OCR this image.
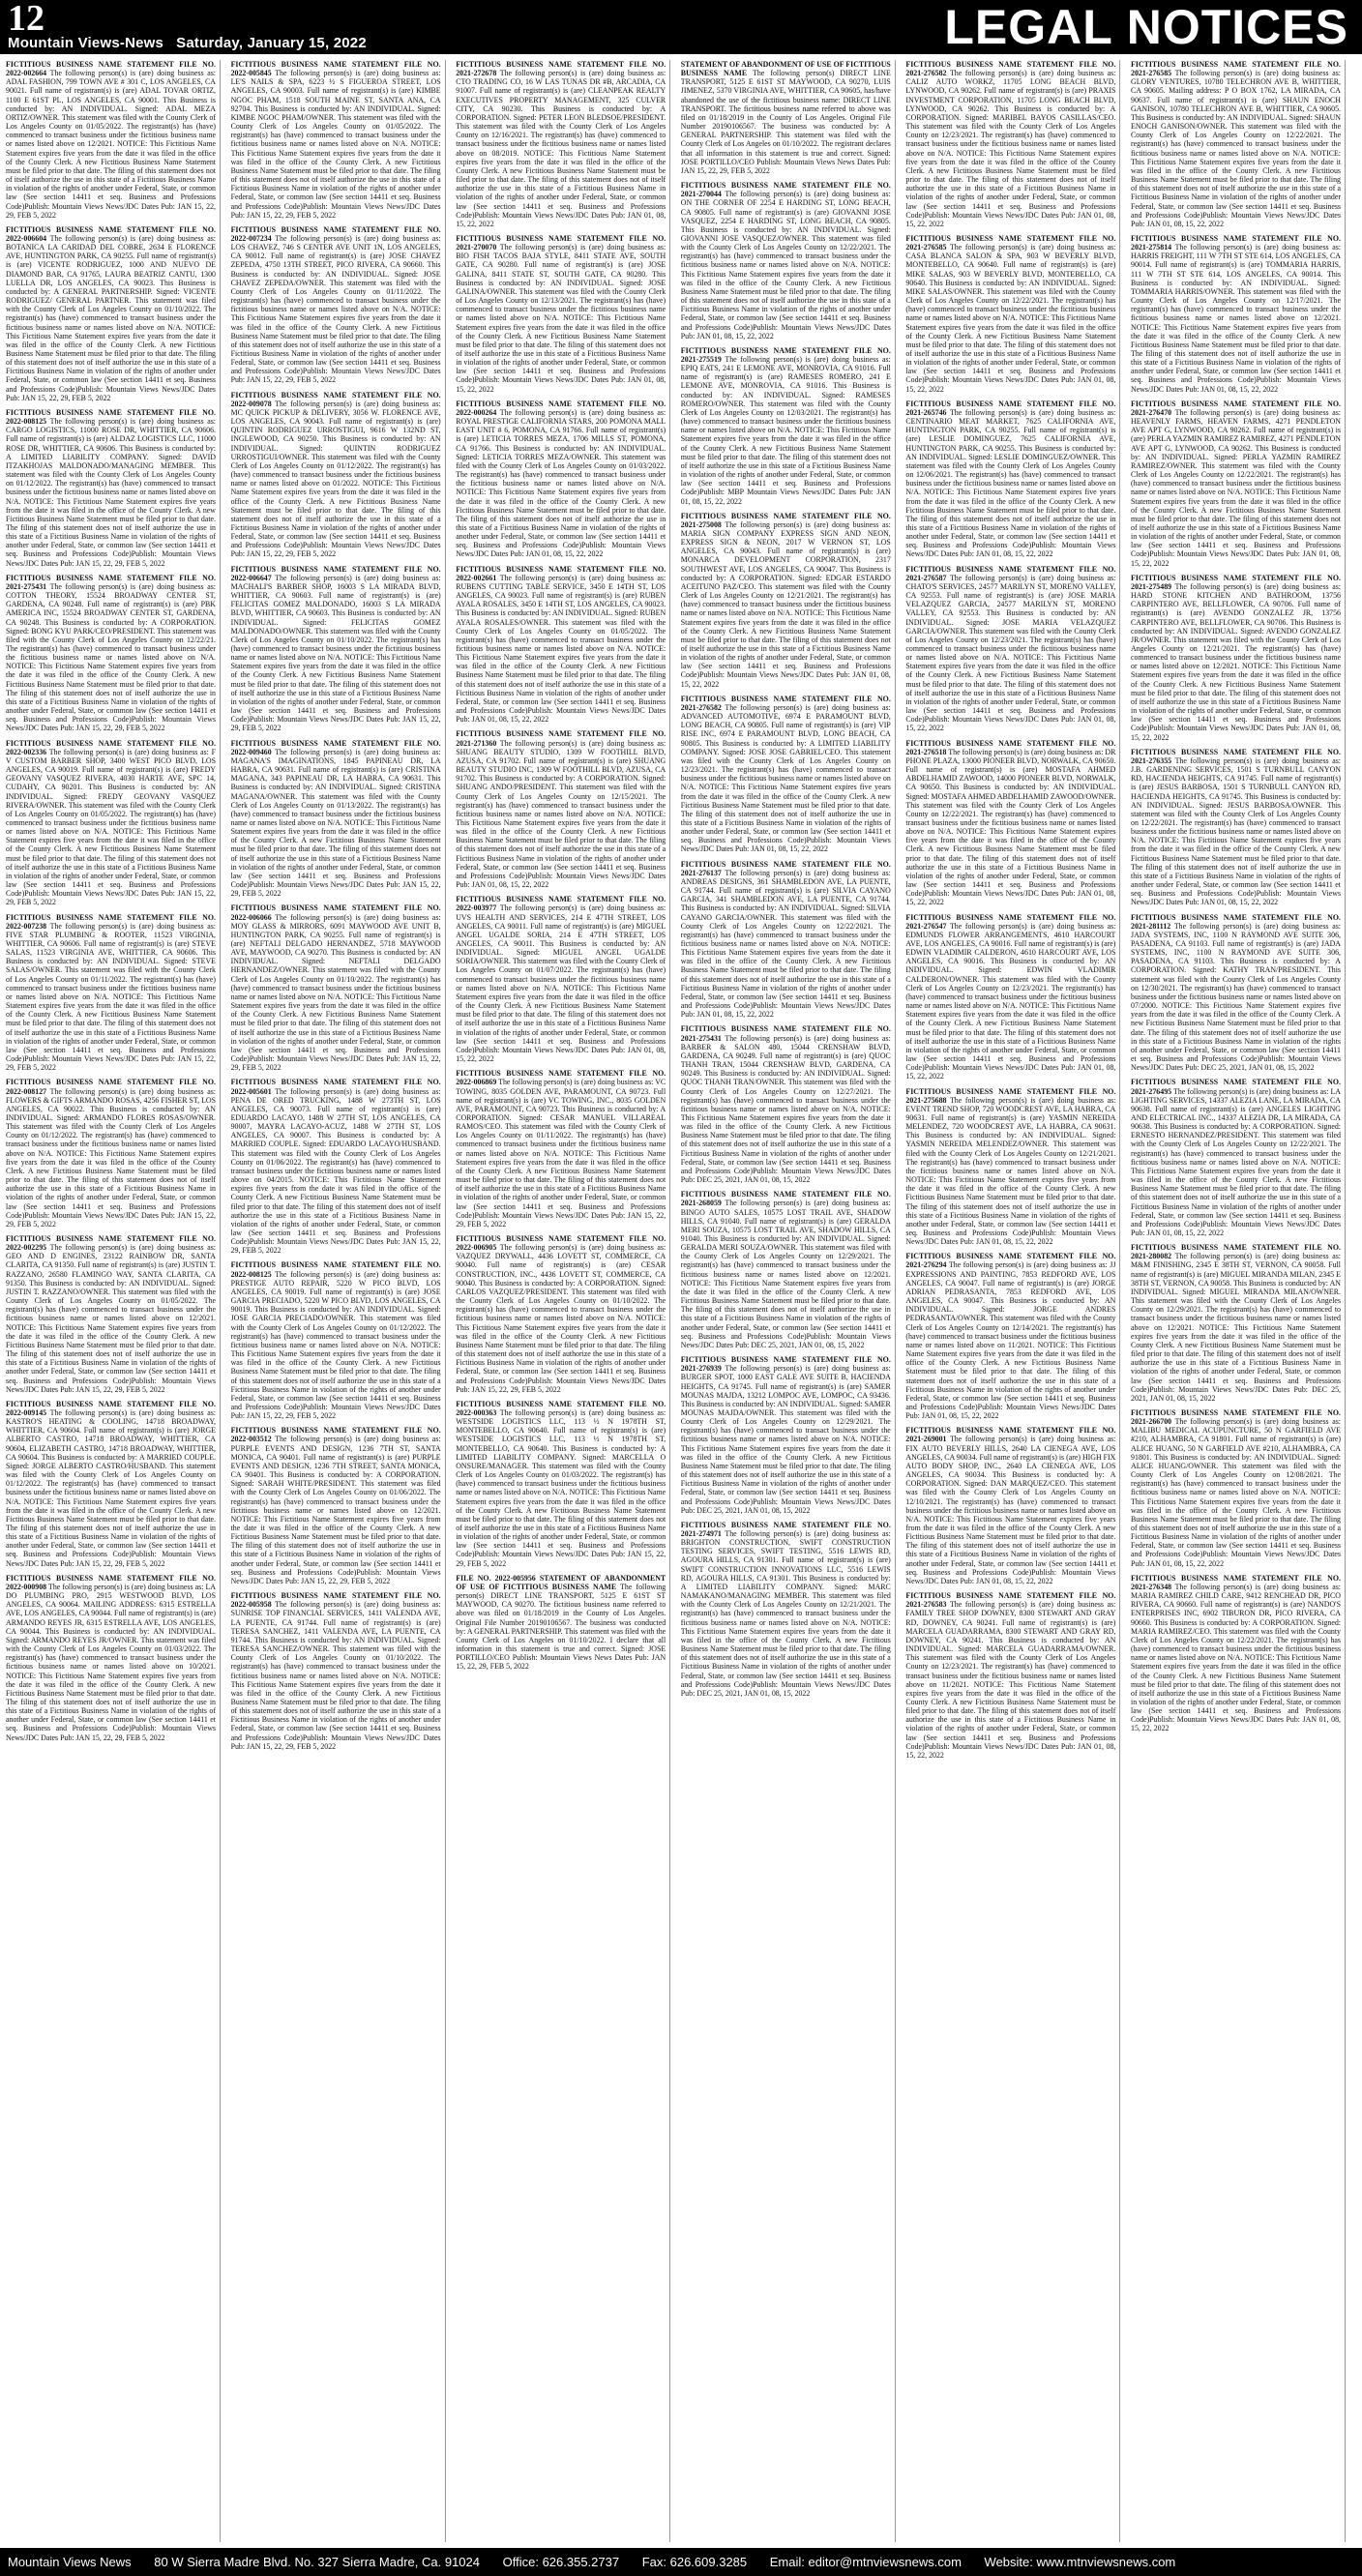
12
Mountain Views-News Saturday, January 15, 2022	LEGAL NOTICES

FICTITIOUS BUSINESS NAME STATEMENT FILE NO. 2022-002664 The following person(s) is (are) doing business as: ADAL FASHION, 799 TOWN AVE # 301 C, LOS ANGELES, CA 90021. Full name of registrant(s) is (are) ADAL TOVAR ORTIZ, 1100 E 61ST PL, LOS ANGELES, CA 90001. This Business is conducted by: AN INDIVIDUAL. Signed: ADAL MEZA ORTIZ/OWNER. This statement was filed with the County Clerk of Los Angeles County on 01/05/2022. The registrant(s) has (have) commenced to transact business under the fictitious business name or names listed above on 12/2021. NOTICE: This Fictitious Name Statement expires five years from the date it was filed in the office of the County Clerk. A new Fictitious Business Name Statement must be filed prior to that date. The filing of this statement does not of itself authorize the use in this state of a Fictitious Business Name in violation of the rights of another under Federal, State, or common law (See section 14411 et seq. Business and Professions Code)Publish: Mountain Views News/JDC Dates Pub: JAN 15, 22, 29, FEB 5, 2022

FICTITIOUS BUSINESS NAME STATEMENT FILE NO. 2022-006604 The following person(s) is (are) doing business as: BOTANICA LA CARIDAD DEL COBRE, 2634 E FLORENCE AVE, HUNTINGTON PARK, CA 90255. Full name of registrant(s) is (are) VICENTE RODRIGUEZ, 1000 AND NUEVO DE DIAMOND BAR, CA 91765, LAURA BEATRIZ CANTU, 1300 LUELLA DR, LOS ANGELES, CA 90023. This Business is conducted by: A GENERAL PARTNERSHIP. Signed: VICENTE RODRIGUEZ/ GENERAL PARTNER. This statement was filed with the County Clerk of Los Angeles County on 01/10/2022. The registrant(s) has (have) commenced to transact business under the fictitious business name or names listed above on N/A. NOTICE: This Fictitious Name Statement expires five years from the date it was filed in the office of the County Clerk. A new Fictitious Business Name Statement must be filed prior to that date. The filing of this statement does not of itself authorize the use in this state of a Fictitious Business Name in violation of the rights of another under Federal, State, or common law (See section 14411 et seq. Business and Professions Code)Publish: Mountain Views News/JDC Dates Pub: JAN 15, 22, 29, FEB 5, 2022

FICTITIOUS BUSINESS NAME STATEMENT FILE NO. 2022-008125 The following person(s) is (are) doing business as: CARGO LOGISTICS, 11000 ROSE DR, WHITTIER, CA 90606. Full name of registrant(s) is (are) ALDAZ LOGISTICS LLC, 11000 ROSE DR, WHITTIER, CA 90606. This Business is conducted by: A LIMITED LIABILITY COMPANY. Signed: DAVID ITZAKHOJAS MALDONADO/MANAGING MEMBER. This statement was filed with the County Clerk of Los Angeles County on 01/12/2022. The registrant(s) has (have) commenced to transact business under the fictitious business name or names listed above on N/A. NOTICE: This Fictitious Name Statement expires five years from the date it was filed in the office of the County Clerk. A new Fictitious Business Name Statement must be filed prior to that date. The filing of this statement does not of itself authorize the use in this state of a Fictitious Business Name in violation of the rights of another under Federal, State, or common law (See section 14411 et seq. Business and Professions Code)Publish: Mountain Views News/JDC Dates Pub: JAN 15, 22, 29, FEB 5, 2022

FICTITIOUS BUSINESS NAME STATEMENT FILE NO. 2021-275431 The following person(s) is (are) doing business as: COTTON THEORY, 15524 BROADWAY CENTER ST, GARDENA, CA 90248. Full name of registrant(s) is (are) PBK AMERICA INC, 15524 BROADWAY CENTER ST, GARDENA, CA 90248. This Business is conducted by: A CORPORATION. Signed: BONG KYU PARK/CEO/PRESIDENT. This statement was filed with the County Clerk of Los Angeles County on 12/22/21. The registrant(s) has (have) commenced to transact business under the fictitious business name or names listed above on N/A. NOTICE: This Fictitious Name Statement expires five years from the date it was filed in the office of the County Clerk. A new Fictitious Business Name Statement must be filed prior to that date. The filing of this statement does not of itself authorize the use in this state of a Fictitious Business Name in violation of the rights of another under Federal, State, or common law (See section 14411 et seq. Business and Professions Code)Publish: Mountain Views News/JDC Dates Pub: JAN 15, 22, 29, FEB 5, 2022

FICTITIOUS BUSINESS NAME STATEMENT FILE NO. 2022-002336 The following person(s) is (are) doing business as: F V CUSTOM BARBER SHOP, 3400 WEST PICO BLVD, LOS ANGELES, CA 90019. Full name of registrant(s) is (are) FREDY GEOVANY VASQUEZ RIVERA, 4030 HARTE AVE, SPC 14, CUDAHY, CA 90201. This Business is conducted by: AN INDIVIDUAL. Signed: FREDY GEOVANY VASQUEZ RIVERA/OWNER. This statement was filed with the County Clerk of Los Angeles County on 01/05/2022. The registrant(s) has (have) commenced to transact business under the fictitious business name or names listed above on N/A. NOTICE: This Fictitious Name Statement expires five years from the date it was filed in the office of the County Clerk. A new Fictitious Business Name Statement must be filed prior to that date. The filing of this statement does not of itself authorize the use in this state of a Fictitious Business Name in violation of the rights of another under Federal, State, or common law (See section 14411 et seq. Business and Professions Code)Publish: Mountain Views News/JDC Dates Pub: JAN 15, 22, 29, FEB 5, 2022

FICTITIOUS BUSINESS NAME STATEMENT FILE NO. 2022-007238 The following person(s) is (are) doing business as: FIVE STAR PLUMBING & ROOTER, 11523 VIRGINIA, WHITTIER, CA 90606. Full name of registrant(s) is (are) STEVE SALAS, 11523 VIRGINIA AVE, WHITTIER, CA 90606. This Business is conducted by: AN INDIVIDUAL. Signed: STEVE SALAS/OWNER. This statement was filed with the County Clerk of Los Angeles County on 01/11/2022. The registrant(s) has (have) commenced to transact business under the fictitious business name or names listed above on N/A. NOTICE: This Fictitious Name Statement expires five years from the date it was filed in the office of the County Clerk. A new Fictitious Business Name Statement must be filed prior to that date. The filing of this statement does not of itself authorize the use in this state of a Fictitious Business Name in violation of the rights of another under Federal, State, or common law (See section 14411 et seq. Business and Professions Code)Publish: Mountain Views News/JDC Dates Pub: JAN 15, 22, 29, FEB 5, 2022

FICTITIOUS BUSINESS NAME STATEMENT FILE NO. 2022-008127 The following person(s) is (are) doing business as: FLOWERS & GIFTS ARMANDO ROSAS, 4256 FISHER ST, LOS ANGELES, CA 90022. This Business is conducted by: AN INDIVIDUAL. Signed: ARMANDO FLORES ROSAS/OWNER. This statement was filed with the County Clerk of Los Angeles County on 01/12/2022. The registrant(s) has (have) commenced to transact business under the fictitious business name or names listed above on N/A. NOTICE: This Fictitious Name Statement expires five years from the date it was filed in the office of the County Clerk. A new Fictitious Business Name Statement must be filed prior to that date. The filing of this statement does not of itself authorize the use in this state of a Fictitious Business Name in violation of the rights of another under Federal, State, or common law (See section 14411 et seq. Business and Professions Code)Publish: Mountain Views News/JDC Dates Pub: JAN 15, 22, 29, FEB 5, 2022

FICTITIOUS BUSINESS NAME STATEMENT FILE NO. 2022-002295 The following person(s) is (are) doing business as: GEO AND D ENGINES, 23122 RAINBOW DR, SANTA CLARITA, CA 91350. Full name of registrant(s) is (are) JUSTIN T. RAZZANO, 26580 FLAMINGO WAY, SANTA CLARITA, CA 91350. This Business is conducted by: AN INDIVIDUAL. Signed: JUSTIN T. RAZZANO/OWNER. This statement was filed with the County Clerk of Los Angeles County on 01/05/2022. The registrant(s) has (have) commenced to transact business under the fictitious business name or names listed above on 12/2021. NOTICE: This Fictitious Name Statement expires five years from the date it was filed in the office of the County Clerk. A new Fictitious Business Name Statement must be filed prior to that date. The filing of this statement does not of itself authorize the use in this state of a Fictitious Business Name in violation of the rights of another under Federal, State, or common law (See section 14411 et seq. Business and Professions Code)Publish: Mountain Views News/JDC Dates Pub: JAN 15, 22, 29, FEB 5, 2022

FICTITIOUS BUSINESS NAME STATEMENT FILE NO. 2022-009145 The following person(s) is (are) doing business as: KASTRO'S HEATING & COOLING, 14718 BROADWAY, WHITTIER, CA 90604. Full name of registrant(s) is (are) JORGE ALBERTO CASTRO, 14718 BROADWAY, WHITTIER, CA 90604, ELIZABETH CASTRO, 14718 BROADWAY, WHITTIER, CA 90604. This Business is conducted by: A MARRIED COUPLE. Signed: JORGE ALBERTO CASTRO/HUSBAND. This statement was filed with the County Clerk of Los Angeles County on 01/12/2022. The registrant(s) has (have) commenced to transact business under the fictitious business name or names listed above on N/A. NOTICE: This Fictitious Name Statement expires five years from the date it was filed in the office of the County Clerk. A new Fictitious Business Name Statement must be filed prior to that date. The filing of this statement does not of itself authorize the use in this state of a Fictitious Business Name in violation of the rights of another under Federal, State, or common law (See section 14411 et seq. Business and Professions Code)Publish: Mountain Views News/JDC Dates Pub: JAN 15, 22, 29, FEB 5, 2022

FICTITIOUS BUSINESS NAME STATEMENT FILE NO. 2022-000908 The following person(s) is (are) doing business as: LA DO PLUMBING PRO, 2915 WESTWOOD BLVD, LOS ANGELES, CA 90064. MAILING ADDRESS: 6315 ESTRELLA AVE, LOS ANGELES, CA 90044. Full name of registrant(s) is (are) ARMANDO REYES JR, 6315 ESTRELLA AVE, LOS ANGELES, CA 90044. This Business is conducted by: AN INDIVIDUAL. Signed: ARMANDO REYES JR/OWNER. This statement was filed with the County Clerk of Los Angeles County on 01/03/2022. The registrant(s) has (have) commenced to transact business under the fictitious business name or names listed above on 10/2021. NOTICE: This Fictitious Name Statement expires five years from the date it was filed in the office of the County Clerk. A new Fictitious Business Name Statement must be filed prior to that date. The filing of this statement does not of itself authorize the use in this state of a Fictitious Business Name in violation of the rights of another under Federal, State, or common law (See section 14411 et seq. Business and Professions Code)Publish: Mountain Views News/JDC Dates Pub: JAN 15, 22, 29, FEB 5, 2022

FICTITIOUS BUSINESS NAME STATEMENT FILE NO. 2022-005845 The following person(s) is (are) doing business as: LE'S NAILS & SPA, 6223 ½ S FIGUEROA STREET, LOS ANGELES, CA 90003. Full name of registrant(s) is (are) KIMBE NGOC PHAM, 1518 SOUTH MAINE ST, SANTA ANA, CA 92704. This Business is conducted by: AN INDIVIDUAL. Signed: KIMBE NGOC PHAM/OWNER. This statement was filed with the County Clerk of Los Angeles County on 01/05/2022. The registrant(s) has (have) commenced to transact business under the fictitious business name or names listed above on N/A. NOTICE: This Fictitious Name Statement expires five years from the date it was filed in the office of the County Clerk. A new Fictitious Business Name Statement must be filed prior to that date. The filing of this statement does not of itself authorize the use in this state of a Fictitious Business Name in violation of the rights of another under Federal, State, or common law (See section 14411 et seq. Business and Professions Code)Publish: Mountain Views News/JDC Dates Pub: JAN 15, 22, 29, FEB 5, 2022

FICTITIOUS BUSINESS NAME STATEMENT FILE NO. 2022-007234 The following person(s) is (are) doing business as: LOS CHAVEZ, 746 S CENTER AVE UNIT 1N, LOS ANGELES, CA 90012. Full name of registrant(s) is (are) JOSE CHAVEZ ZEPEDA, 4750 13TH STREET, PICO RIVERA, CA 90660. This Business is conducted by: AN INDIVIDUAL. Signed: JOSE CHAVEZ ZEPEDA/OWNER. This statement was filed with the County Clerk of Los Angeles County on 01/11/2022. The registrant(s) has (have) commenced to transact business under the fictitious business name or names listed above on N/A. NOTICE: This Fictitious Name Statement expires five years from the date it was filed in the office of the County Clerk. A new Fictitious Business Name Statement must be filed prior to that date. The filing of this statement does not of itself authorize the use in this state of a Fictitious Business Name in violation of the rights of another under Federal, State, or common law (See section 14411 et seq. Business and Professions Code)Publish: Mountain Views News/JDC Dates Pub: JAN 15, 22, 29, FEB 5, 2022

FICTITIOUS BUSINESS NAME STATEMENT FILE NO. 2022-009078 The following person(s) is (are) doing business as: MC QUICK PICKUP & DELIVERY, 3056 W. FLORENCE AVE, LOS ANGELES, CA 90043. Full name of registrant(s) is (are) QUINTIN RODRIGUEZ URROSTIGUI, 9616 W 132ND ST, INGLEWOOD, CA 90250. This Business is conducted by: AN INDIVIDUAL. Signed: QUINTIN RODRIGUEZ URROSTIGUI/OWNER. This statement was filed with the County Clerk of Los Angeles County on 01/12/2022. The registrant(s) has (have) commenced to transact business under the fictitious business name or names listed above on 01/2022. NOTICE: This Fictitious Name Statement expires five years from the date it was filed in the office of the County Clerk. A new Fictitious Business Name Statement must be filed prior to that date. The filing of this statement does not of itself authorize the use in this state of a Fictitious Business Name in violation of the rights of another under Federal, State, or common law (See section 14411 et seq. Business and Professions Code)Publish: Mountain Views News/JDC Dates Pub: JAN 15, 22, 29, FEB 5, 2022

FICTITIOUS BUSINESS NAME STATEMENT FILE NO. 2022-006647 The following person(s) is (are) doing business as: MACHALI'S BARBER SHOP, 16003 S LA MIRADA BLVD, WHITTIER, CA 90603. Full name of registrant(s) is (are) FELICITAS GOMEZ MALDONADO, 16003 S LA MIRADA BLVD, WHITTIER, CA 90603. This Business is conducted by: AN INDIVIDUAL. Signed: FELICITAS GOMEZ MALDONADO/OWNER. This statement was filed with the County Clerk of Los Angeles County on 01/10/2022. The registrant(s) has (have) commenced to transact business under the fictitious business name or names listed above on N/A. NOTICE: This Fictitious Name Statement expires five years from the date it was filed in the office of the County Clerk. A new Fictitious Business Name Statement must be filed prior to that date. The filing of this statement does not of itself authorize the use in this state of a Fictitious Business Name in violation of the rights of another under Federal, State, or common law (See section 14411 et seq. Business and Professions Code)Publish: Mountain Views News/JDC Dates Pub: JAN 15, 22, 29, FEB 5, 2022

FICTITIOUS BUSINESS NAME STATEMENT FILE NO. 2022-009460 The following person(s) is (are) doing business as: MAGANA'S IMAGINATIONS, 1845 PAPINEAU DR, LA HABRA, CA 90631. Full name of registrant(s) is (are) CRISTINA MAGANA, 343 PAPINEAU DR, LA HABRA, CA 90631. This Business is conducted by: AN INDIVIDUAL. Signed: CRISTINA MAGANA/OWNER. This statement was filed with the County Clerk of Los Angeles County on 01/13/2022. The registrant(s) has (have) commenced to transact business under the fictitious business name or names listed above on N/A. NOTICE: This Fictitious Name Statement expires five years from the date it was filed in the office of the County Clerk. A new Fictitious Business Name Statement must be filed prior to that date. The filing of this statement does not of itself authorize the use in this state of a Fictitious Business Name in violation of the rights of another under Federal, State, or common law (See section 14411 et seq. Business and Professions Code)Publish: Mountain Views News/JDC Dates Pub: JAN 15, 22, 29, FEB 5, 2022

FICTITIOUS BUSINESS NAME STATEMENT FILE NO. 2022-006066 The following person(s) is (are) doing business as: MOY GLASS & MIRRORS, 6091 MAYWOOD AVE UNIT B, HUNTINGTON PARK, CA 90255. Full name of registrant(s) is (are) NEFTALI DELGADO HERNANDEZ, 5718 MAYWOOD AVE, MAYWOOD, CA 90270. This Business is conducted by: AN INDIVIDUAL. Signed: NEFTALI DELGADO HERNANDEZ/OWNER. This statement was filed with the County Clerk of Los Angeles County on 01/10/2022. The registrant(s) has (have) commenced to transact business under the fictitious business name or names listed above on N/A. NOTICE: This Fictitious Name Statement expires five years from the date it was filed in the office of the County Clerk. A new Fictitious Business Name Statement must be filed prior to that date. The filing of this statement does not of itself authorize the use in this state of a Fictitious Business Name in violation of the rights of another under Federal, State, or common law (See section 14411 et seq. Business and Professions Code)Publish: Mountain Views News/JDC Dates Pub: JAN 15, 22, 29, FEB 5, 2022

FICTITIOUS BUSINESS NAME STATEMENT FILE NO. 2022-005601 The following person(s) is (are) doing business as: PENA DE ORED TRUCKING, 1488 W 273TH ST, LOS ANGELES, CA 90073. Full name of registrant(s) is (are) EDUARDO LACAYO, 1488 W 27TH ST, LOS ANGELES, CA 90007, MAYRA LACAYO-ACUZ, 1488 W 27TH ST, LOS ANGELES, CA 90007. This Business is conducted by: A MARRIED COUPLE. Signed: EDUARDO LACAYO/HUSBAND. This statement was filed with the County Clerk of Los Angeles County on 01/06/2022. The registrant(s) has (have) commenced to transact business under the fictitious business name or names listed above on 04/2015. NOTICE: This Fictitious Name Statement expires five years from the date it was filed in the office of the County Clerk. A new Fictitious Business Name Statement must be filed prior to that date. The filing of this statement does not of itself authorize the use in this state of a Fictitious Business Name in violation of the rights of another under Federal, State, or common law (See section 14411 et seq. Business and Professions Code)Publish: Mountain Views News/JDC Dates Pub: JAN 15, 22, 29, FEB 5, 2022

FICTITIOUS BUSINESS NAME STATEMENT FILE NO. 2022-008125 The following person(s) is (are) doing business as: PRESTIGE AUTO REPAIR, 5220 W PICO BLVD, LOS ANGELES, CA 90019. Full name of registrant(s) is (are) JOSE GARCIA PRECIADO, 5220 W PICO BLVD, LOS ANGELES, CA 90019. This Business is conducted by: AN INDIVIDUAL. Signed: JOSE GARCIA PRECIADO/OWNER. This statement was filed with the County Clerk of Los Angeles County on 01/12/2022. The registrant(s) has (have) commenced to transact business under the fictitious business name or names listed above on N/A. NOTICE: This Fictitious Name Statement expires five years from the date it was filed in the office of the County Clerk. A new Fictitious Business Name Statement must be filed prior to that date. The filing of this statement does not of itself authorize the use in this state of a Fictitious Business Name in violation of the rights of another under Federal, State, or common law (See section 14411 et seq. Business and Professions Code)Publish: Mountain Views News/JDC Dates Pub: JAN 15, 22, 29, FEB 5, 2022

FICTITIOUS BUSINESS NAME STATEMENT FILE NO. 2022-003512 The following person(s) is (are) doing business as: PURPLE EVENTS AND DESIGN, 1236 7TH ST, SANTA MONICA, CA 90401. Full name of registrant(s) is (are) PURPLE EVENTS AND DESIGN, 1236 7TH STREET, SANTA MONICA, CA 90401. This Business is conducted by: A CORPORATION. Signed: SARAH WHITE/PRESIDENT. This statement was filed with the County Clerk of Los Angeles County on 01/06/2022. The registrant(s) has (have) commenced to transact business under the fictitious business name or names listed above on 12/2021. NOTICE: This Fictitious Name Statement expires five years from the date it was filed in the office of the County Clerk. A new Fictitious Business Name Statement must be filed prior to that date. The filing of this statement does not of itself authorize the use in this state of a Fictitious Business Name in violation of the rights of another under Federal, State, or common law (See section 14411 et seq. Business and Professions Code)Publish: Mountain Views News/JDC Dates Pub: JAN 15, 22, 29, FEB 5, 2022

FICTITIOUS BUSINESS NAME STATEMENT FILE NO. 2022-005958 The following person(s) is (are) doing business as: SUNRISE TOP FINANCIAL SERVICES, 1411 VALENDA AVE, LA PUENTE, CA 91744. Full name of registrant(s) is (are) TERESA SANCHEZ, 1411 VALENDA AVE, LA PUENTE, CA 91744. This Business is conducted by: AN INDIVIDUAL. Signed: TERESA SANCHEZ/OWNER. This statement was filed with the County Clerk of Los Angeles County on 01/10/2022. The registrant(s) has (have) commenced to transact business under the fictitious business name or names listed above on N/A. NOTICE: This Fictitious Name Statement expires five years from the date it was filed in the office of the County Clerk. A new Fictitious Business Name Statement must be filed prior to that date. The filing of this statement does not of itself authorize the use in this state of a Fictitious Business Name in violation of the rights of another under Federal, State, or common law (See section 14411 et seq. Business and Professions Code)Publish: Mountain Views News/JDC Dates Pub: JAN 15, 22, 29, FEB 5, 2022

FICTITIOUS BUSINESS NAME STATEMENT FILE NO. 2021-272678 The following person(s) is (are) doing business as: CTO TRADING CO, 16 W LAS TUNAS DR #B, ARCADIA, CA 91007. Full name of registrant(s) is (are) CLEANPEAK REALTY EXECUTIVES PROPERTY MANAGEMENT, 325 CULVER CITY, CA 90230. This Business is conducted by: A CORPORATION. Signed: PETER LEON BLEDSOE/PRESIDENT. This statement was filed with the County Clerk of Los Angeles County on 12/16/2021. The registrant(s) has (have) commenced to transact business under the fictitious business name or names listed above on 08/2019. NOTICE: This Fictitious Name Statement expires five years from the date it was filed in the office of the County Clerk. A new Fictitious Business Name Statement must be filed prior to that date. The filing of this statement does not of itself authorize the use in this state of a Fictitious Business Name in violation of the rights of another under Federal, State, or common law (See section 14411 et seq. Business and Professions Code)Publish: Mountain Views News/JDC Dates Pub: JAN 01, 08, 15, 22, 2022

FICTITIOUS BUSINESS NAME STATEMENT FILE NO. 2021-270070 The following person(s) is (are) doing business as: BIO FISH TACOS BAJA STYLE, 8411 STATE AVE, SOUTH GATE, CA 90280. Full name of registrant(s) is (are) JOSE GALINA, 8411 STATE ST, SOUTH GATE, CA 90280. This Business is conducted by: AN INDIVIDUAL. Signed: JOSE GALINA/OWNER. This statement was filed with the County Clerk of Los Angeles County on 12/13/2021. The registrant(s) has (have) commenced to transact business under the fictitious business name or names listed above on N/A. NOTICE: This Fictitious Name Statement expires five years from the date it was filed in the office of the County Clerk. A new Fictitious Business Name Statement must be filed prior to that date. The filing of this statement does not of itself authorize the use in this state of a Fictitious Business Name in violation of the rights of another under Federal, State, or common law (See section 14411 et seq. Business and Professions Code)Publish: Mountain Views News/JDC Dates Pub: JAN 01, 08, 15, 22, 2022

FICTITIOUS BUSINESS NAME STATEMENT FILE NO. 2022-000264 The following person(s) is (are) doing business as: ROYAL PRESTIGE CALIFORNIA STARS, 200 POMONA MALL EAST UNIT # 6, POMONA, CA 91766. Full name of registrant(s) is (are) LETICIA TORRES MEZA, 1706 MILLS ST, POMONA, CA 91766. This Business is conducted by: AN INDIVIDUAL. Signed: LETICIA TORRES MEZA/OWNER. This statement was filed with the County Clerk of Los Angeles County on 01/03/2022. The registrant(s) has (have) commenced to transact business under the fictitious business name or names listed above on N/A. NOTICE: This Fictitious Name Statement expires five years from the date it was filed in the office of the County Clerk. A new Fictitious Business Name Statement must be filed prior to that date. The filing of this statement does not of itself authorize the use in this state of a Fictitious Business Name in violation of the rights of another under Federal, State, or common law (See section 14411 et seq. Business and Professions Code)Publish: Mountain Views News/JDC Dates Pub: JAN 01, 08, 15, 22, 2022

FICTITIOUS BUSINESS NAME STATEMENT FILE NO. 2022-002661 The following person(s) is (are) doing business as: RUBENS CUTTING TABLE SERVICE, 3450 E 14TH ST, LOS ANGELES, CA 90023. Full name of registrant(s) is (are) RUBEN AYALA ROSALES, 3450 E 14TH ST, LOS ANGELES, CA 90023. This Business is conducted by: AN INDIVIDUAL. Signed: RUBEN AYALA ROSALES/OWNER. This statement was filed with the County Clerk of Los Angeles County on 01/05/2022. The registrant(s) has (have) commenced to transact business under the fictitious business name or names listed above on N/A. NOTICE: This Fictitious Name Statement expires five years from the date it was filed in the office of the County Clerk. A new Fictitious Business Name Statement must be filed prior to that date. The filing of this statement does not of itself authorize the use in this state of a Fictitious Business Name in violation of the rights of another under Federal, State, or common law (See section 14411 et seq. Business and Professions Code)Publish: Mountain Views News/JDC Dates Pub: JAN 01, 08, 15, 22, 2022

FICTITIOUS BUSINESS NAME STATEMENT FILE NO. 2021-271360 The following person(s) is (are) doing business as: SHUANG BEAUTY STUDIO, 1309 W FOOTHILL BLVD, AZUSA, CA 91702. Full name of registrant(s) is (are) SHUANG BEAUTY STUDIO INC, 1309 W FOOTHILL BLVD, AZUSA, CA 91702. This Business is conducted by: A CORPORATION. Signed: SHUANG ANDO/PRESIDENT. This statement was filed with the County Clerk of Los Angeles County on 12/15/2021. The registrant(s) has (have) commenced to transact business under the fictitious business name or names listed above on N/A. NOTICE: This Fictitious Name Statement expires five years from the date it was filed in the office of the County Clerk. A new Fictitious Business Name Statement must be filed prior to that date. The filing of this statement does not of itself authorize the use in this state of a Fictitious Business Name in violation of the rights of another under Federal, State, or common law (See section 14411 et seq. Business and Professions Code)Publish: Mountain Views News/JDC Dates Pub: JAN 01, 08, 15, 22, 2022

FICTITIOUS BUSINESS NAME STATEMENT FILE NO. 2022-003977 The following person(s) is (are) doing business as: UVS HEALTH AND SERVICES, 214 E 47TH STREET, LOS ANGELES, CA 90011. Full name of registrant(s) is (are) MIGUEL ANGEL UGALDE SORIA, 214 E 47TH STREET, LOS ANGELES, CA 90011. This Business is conducted by: AN INDIVIDUAL. Signed: MIGUEL ANGEL UGALDE SORIA/OWNER. This statement was filed with the County Clerk of Los Angeles County on 01/07/2022. The registrant(s) has (have) commenced to transact business under the fictitious business name or names listed above on N/A. NOTICE: This Fictitious Name Statement expires five years from the date it was filed in the office of the County Clerk. A new Fictitious Business Name Statement must be filed prior to that date. The filing of this statement does not of itself authorize the use in this state of a Fictitious Business Name in violation of the rights of another under Federal, State, or common law (See section 14411 et seq. Business and Professions Code)Publish: Mountain Views News/JDC Dates Pub: JAN 01, 08, 15, 22, 2022

FICTITIOUS BUSINESS NAME STATEMENT FILE NO. 2022-006869 The following person(s) is (are) doing business as: VC TOWING, 8035 GOLDEN AVE, PARAMOUNT, CA 90723. Full name of registrant(s) is (are) VC TOWING, INC., 8035 GOLDEN AVE, PARAMOUNT, CA 90723. This Business is conducted by: A CORPORATION. Signed: CESAR MANUEL VILLAREAL RAMOS/CEO. This statement was filed with the County Clerk of Los Angeles County on 01/11/2022. The registrant(s) has (have) commenced to transact business under the fictitious business name or names listed above on N/A. NOTICE: This Fictitious Name Statement expires five years from the date it was filed in the office of the County Clerk. A new Fictitious Business Name Statement must be filed prior to that date. The filing of this statement does not of itself authorize the use in this state of a Fictitious Business Name in violation of the rights of another under Federal, State, or common law (See section 14411 et seq. Business and Professions Code)Publish: Mountain Views News/JDC Dates Pub: JAN 15, 22, 29, FEB 5, 2022

FICTITIOUS BUSINESS NAME STATEMENT FILE NO. 2022-006905 The following person(s) is (are) doing business as: VAZQUEZ DRYWALL, 4436 LOVETT ST, COMMERCE, CA 90040. Full name of registrant(s) is (are) CESAR CONSTRUCTION, INC., 4436 LOVETT ST, COMMERCE, CA 90040. This Business is conducted by: A CORPORATION. Signed: CARLOS VAZQUEZ/PRESIDENT. This statement was filed with the County Clerk of Los Angeles County on 01/10/2022. The registrant(s) has (have) commenced to transact business under the fictitious business name or names listed above on N/A. NOTICE: This Fictitious Name Statement expires five years from the date it was filed in the office of the County Clerk. A new Fictitious Business Name Statement must be filed prior to that date. The filing of this statement does not of itself authorize the use in this state of a Fictitious Business Name in violation of the rights of another under Federal, State, or common law (See section 14411 et seq. Business and Professions Code)Publish: Mountain Views News/JDC Dates Pub: JAN 15, 22, 29, FEB 5, 2022

FICTITIOUS BUSINESS NAME STATEMENT FILE NO. 2022-000363 The following person(s) is (are) doing business as: WESTSIDE LOGISTICS LLC, 113 ½ N 1978TH ST, MONTEBELLO, CA 90640. Full name of registrant(s) is (are) WESTSIDE LOGISTICS LLC, 113 ½ N 1978TH ST, MONTEBELLO, CA 90640. This Business is conducted by: A LIMITED LIABILITY COMPANY. Signed: MARCELLA O ONSURE/MANAGER. This statement was filed with the County Clerk of Los Angeles County on 01/03/2022. The registrant(s) has (have) commenced to transact business under the fictitious business name or names listed above on N/A. NOTICE: This Fictitious Name Statement expires five years from the date it was filed in the office of the County Clerk. A new Fictitious Business Name Statement must be filed prior to that date. The filing of this statement does not of itself authorize the use in this state of a Fictitious Business Name in violation of the rights of another under Federal, State, or common law (See section 14411 et seq. Business and Professions Code)Publish: Mountain Views News/JDC Dates Pub: JAN 15, 22, 29, FEB 5, 2022

FILE NO. 2022-005956 STATEMENT OF ABANDONMENT OF USE OF FICTITIOUS BUSINESS NAME The following person(s) DIRECT LINE TRANSPORT, 5125 E 61ST ST MAYWOOD, CA 90270. The fictitious business name referred to above was filed on 01/18/2019 in the County of Los Angeles. Original File Number 20190106567. The business was conducted by: A GENERAL PARTNERSHIP. This statement was filed with the County Clerk of Los Angeles on 01/10/2022. I declare that all information in this statement is true and correct. Signed: JOSE PORTILLO/CEO Publish: Mountain Views News Dates Pub: JAN 15, 22, 29, FEB 5, 2022

STATEMENT OF ABANDONMENT OF USE OF FICTITIOUS BUSINESS NAME The following person(s) DIRECT LINE TRANSPORT, 5125 E 61ST ST MAYWOOD, CA 90270, LUIS JIMENEZ, 5370 VIRGINIA AVE, WHITTIER, CA 90605, has/have abandoned the use of the fictitious business name: DIRECT LINE TRANSPORT. The fictitious business name referred to above was filed on 01/18/2019 in the County of Los Angeles. Original File Number 20190106567. The business was conducted by: A GENERAL PARTNERSHIP. This statement was filed with the County Clerk of Los Angeles on 01/10/2022. The registrant declares that all information in this statement is true and correct. Signed: JOSE PORTILLO/CEO Publish: Mountain Views News Dates Pub: JAN 15, 22, 29, FEB 5, 2022

FICTITIOUS BUSINESS NAME STATEMENT FILE NO. 2021-270044 The following person(s) is (are) doing business as: ON THE CORNER OF 2254 E HARDING ST, LONG BEACH, CA 90805. Full name of registrant(s) is (are) GIOVANNI JOSE VASQUEZ, 2254 E HARDING ST, LONG BEACH, CA 90805. This Business is conducted by: AN INDIVIDUAL. Signed: GIOVANNI JOSE VASQUEZ/OWNER. This statement was filed with the County Clerk of Los Angeles County on 12/22/2021. The registrant(s) has (have) commenced to transact business under the fictitious business name or names listed above on N/A. NOTICE: This Fictitious Name Statement expires five years from the date it was filed in the office of the County Clerk. A new Fictitious Business Name Statement must be filed prior to that date. The filing of this statement does not of itself authorize the use in this state of a Fictitious Business Name in violation of the rights of another under Federal, State, or common law (See section 14411 et seq. Business and Professions Code)Publish: Mountain Views News/JDC Dates Pub: JAN 01, 08, 15, 22, 2022

FICTITIOUS BUSINESS NAME STATEMENT FILE NO. 2021-275519 The following person(s) is (are) doing business as: EPIQ EATS, 241 E LEMONE AVE, MONROVIA, CA 91016. Full name of registrant(s) is (are) RAMESES ROMERO, 241 E LEMONE AVE, MONROVIA, CA 91016. This Business is conducted by: AN INDIVIDUAL. Signed: RAMESES ROMERO/OWNER. This statement was filed with the County Clerk of Los Angeles County on 12/03/2021. The registrant(s) has (have) commenced to transact business under the fictitious business name or names listed above on N/A. NOTICE: This Fictitious Name Statement expires five years from the date it was filed in the office of the County Clerk. A new Fictitious Business Name Statement must be filed prior to that date. The filing of this statement does not of itself authorize the use in this state of a Fictitious Business Name in violation of the rights of another under Federal, State, or common law (See section 14411 et seq. Business and Professions Code)Publish: MBP Mountain Views News/JDC Dates Pub: JAN 01, 08, 15, 22, 2022

FICTITIOUS BUSINESS NAME STATEMENT FILE NO. 2021-275008 The following person(s) is (are) doing business as: MARIA SIGN COMPANY EXPRESS SIGN AND NEON, EXPRESS SIGN & NEON, 2017 W VERNON ST, LOS ANGELES, CA 90043. Full name of registrant(s) is (are) MONARCA DEVELOPMENT CORPORATION, 2317 SOUTHWEST AVE, LOS ANGELES, CA 90047. This Business is conducted by: A CORPORATION. Signed: EDGAR ESTARDO ACEITUNO PAZ/CEO. This statement was filed with the County Clerk of Los Angeles County on 12/21/2021. The registrant(s) has (have) commenced to transact business under the fictitious business name or names listed above on N/A. NOTICE: This Fictitious Name Statement expires five years from the date it was filed in the office of the County Clerk. A new Fictitious Business Name Statement must be filed prior to that date. The filing of this statement does not of itself authorize the use in this state of a Fictitious Business Name in violation of the rights of another under Federal, State, or common law (See section 14411 et seq. Business and Professions Code)Publish: Mountain Views News/JDC Dates Pub: JAN 01, 08, 15, 22, 2022

FICTITIOUS BUSINESS NAME STATEMENT FILE NO. 2021-276582 The following person(s) is (are) doing business as: ADVANCED AUTOMOTIVE, 6974 E PARAMOUNT BLVD, LONG BEACH, CA 90805. Full name of registrant(s) is (are) VIP RISE INC, 6974 E PARAMOUNT BLVD, LONG BEACH, CA 90805. This Business is conducted by: A LIMITED LIABILITY COMPANY. Signed: JOSE JOSE GABRIEL/CEO. This statement was filed with the County Clerk of Los Angeles County on 12/23/2021. The registrant(s) has (have) commenced to transact business under the fictitious business name or names listed above on N/A. NOTICE: This Fictitious Name Statement expires five years from the date it was filed in the office of the County Clerk. A new Fictitious Business Name Statement must be filed prior to that date. The filing of this statement does not of itself authorize the use in this state of a Fictitious Business Name in violation of the rights of another under Federal, State, or common law (See section 14411 et seq. Business and Professions Code)Publish: Mountain Views News/JDC Dates Pub: JAN 01, 08, 15, 22, 2022

FICTITIOUS BUSINESS NAME STATEMENT FILE NO. 2021-276137 The following person(s) is (are) doing business as: ANDREAS DESIGNS, 361 SHAMBLEDON AVE, LA PUENTE, CA 91744. Full name of registrant(s) is (are) SILVIA CAYANO GARCIA, 341 SHAMBLEDON AVE, LA PUENTE, CA 91744. This Business is conducted by: AN INDIVIDUAL. Signed: SILVIA CAYANO GARCIA/OWNER. This statement was filed with the County Clerk of Los Angeles County on 12/22/2021. The registrant(s) has (have) commenced to transact business under the fictitious business name or names listed above on N/A. NOTICE: This Fictitious Name Statement expires five years from the date it was filed in the office of the County Clerk. A new Fictitious Business Name Statement must be filed prior to that date. The filing of this statement does not of itself authorize the use in this state of a Fictitious Business Name in violation of the rights of another under Federal, State, or common law (See section 14411 et seq. Business and Professions Code)Publish: Mountain Views News/JDC Dates Pub: JAN 01, 08, 15, 22, 2022

FICTITIOUS BUSINESS NAME STATEMENT FILE NO. 2021-275431 The following person(s) is (are) doing business as: BARBER & SALON 480, 15044 CRENSHAW BLVD, GARDENA, CA 90249. Full name of registrant(s) is (are) QUOC THANH TRAN, 15044 CRENSHAW BLVD, GARDENA, CA 90249. This Business is conducted by: AN INDIVIDUAL. Signed: QUOC THANH TRAN/OWNER. This statement was filed with the County Clerk of Los Angeles County on 12/27/2021. The registrant(s) has (have) commenced to transact business under the fictitious business name or names listed above on N/A. NOTICE: This Fictitious Name Statement expires five years from the date it was filed in the office of the County Clerk. A new Fictitious Business Name Statement must be filed prior to that date. The filing of this statement does not of itself authorize the use in this state of a Fictitious Business Name in violation of the rights of another under Federal, State, or common law (See section 14411 et seq. Business and Professions Code)Publish: Mountain Views News/JDC Dates Pub: DEC 25, 2021, JAN 01, 08, 15, 2022

FICTITIOUS BUSINESS NAME STATEMENT FILE NO. 2021-268059 The following person(s) is (are) doing business as: BINGO AUTO SALES, 10575 LOST TRAIL AVE, SHADOW HILLS, CA 91040. Full name of registrant(s) is (are) GERALDA MERI SOUZA, 10575 LOST TRAIL AVE, SHADOW HILLS, CA 91040. This Business is conducted by: AN INDIVIDUAL. Signed: GERALDA MERI SOUZA/OWNER. This statement was filed with the County Clerk of Los Angeles County on 12/29/2021. The registrant(s) has (have) commenced to transact business under the fictitious business name or names listed above on 12/2021. NOTICE: This Fictitious Name Statement expires five years from the date it was filed in the office of the County Clerk. A new Fictitious Business Name Statement must be filed prior to that date. The filing of this statement does not of itself authorize the use in this state of a Fictitious Business Name in violation of the rights of another under Federal, State, or common law (See section 14411 et seq. Business and Professions Code)Publish: Mountain Views News/JDC Dates Pub: DEC 25, 2021, JAN 01, 08, 15, 2022

FICTITIOUS BUSINESS NAME STATEMENT FILE NO. 2021-276939 The following person(s) is (are) doing business as: BURGER SPOT, 1000 EAST GALE AVE SUITE B, HACIENDA HEIGHTS, CA 91745. Full name of registrant(s) is (are) SAMER MOUNAS MAJDA, 13212 LOMPOC AVE, LOMPOC, CA 93436. This Business is conducted by: AN INDIVIDUAL. Signed: SAMER MOUNAS MAJDA/OWNER. This statement was filed with the County Clerk of Los Angeles County on 12/29/2021. The registrant(s) has (have) commenced to transact business under the fictitious business name or names listed above on N/A. NOTICE: This Fictitious Name Statement expires five years from the date it was filed in the office of the County Clerk. A new Fictitious Business Name Statement must be filed prior to that date. The filing of this statement does not of itself authorize the use in this state of a Fictitious Business Name in violation of the rights of another under Federal, State, or common law (See section 14411 et seq. Business and Professions Code)Publish: Mountain Views News/JDC Dates Pub: DEC 25, 2021, JAN 01, 08, 15, 2022

FICTITIOUS BUSINESS NAME STATEMENT FILE NO. 2021-274971 The following person(s) is (are) doing business as: BRIGHTON CONSTRUCTION, SWIFT CONSTRUCTION TESTING SERVICES, SWIFT TESTING, 5516 LEWIS RD, AGOURA HILLS, CA 91301. Full name of registrant(s) is (are) SWIFT CONSTRUCTION INNOVATIONS LLC, 5516 LEWIS RD, AGOURA HILLS, CA 91301. This Business is conducted by: A LIMITED LIABILITY COMPANY. Signed: MARC NAMAKANO/MANAGING MEMBER. This statement was filed with the County Clerk of Los Angeles County on 12/21/2021. The registrant(s) has (have) commenced to transact business under the fictitious business name or names listed above on N/A. NOTICE: This Fictitious Name Statement expires five years from the date it was filed in the office of the County Clerk. A new Fictitious Business Name Statement must be filed prior to that date. The filing of this statement does not of itself authorize the use in this state of a Fictitious Business Name in violation of the rights of another under Federal, State, or common law (See section 14411 et seq. Business and Professions Code)Publish: Mountain Views News/JDC Dates Pub: DEC 25, 2021, JAN 01, 08, 15, 2022

FICTITIOUS BUSINESS NAME STATEMENT FILE NO. 2021-276582 The following person(s) is (are) doing business as: CALIZ AUTO WORKZ, 11705 LONG BEACH BLVD, LYNWOOD, CA 90262. Full name of registrant(s) is (are) PRAXIS INVESTMENT CORPORATION, 11705 LONG BEACH BLVD, LYNWOOD, CA 90262. This Business is conducted by: A CORPORATION. Signed: MARIBEL BAYOS CASILLAS/CEO. This statement was filed with the County Clerk of Los Angeles County on 12/23/2021. The registrant(s) has (have) commenced to transact business under the fictitious business name or names listed above on N/A. NOTICE: This Fictitious Name Statement expires five years from the date it was filed in the office of the County Clerk. A new Fictitious Business Name Statement must be filed prior to that date. The filing of this statement does not of itself authorize the use in this state of a Fictitious Business Name in violation of the rights of another under Federal, State, or common law (See section 14411 et seq. Business and Professions Code)Publish: Mountain Views News/JDC Dates Pub: JAN 01, 08, 15, 22, 2022

FICTITIOUS BUSINESS NAME STATEMENT FILE NO. 2021-276585 The following person(s) is (are) doing business as: CASA BLANCA SALON & SPA, 903 W BEVERLY BLVD, MONTEBELLO, CA 90640. Full name of registrant(s) is (are) MIKE SALAS, 903 W BEVERLY BLVD, MONTEBELLO, CA 90640. This Business is conducted by: AN INDIVIDUAL. Signed: MIKE SALAS/OWNER. This statement was filed with the County Clerk of Los Angeles County on 12/22/2021. The registrant(s) has (have) commenced to transact business under the fictitious business name or names listed above on N/A. NOTICE: This Fictitious Name Statement expires five years from the date it was filed in the office of the County Clerk. A new Fictitious Business Name Statement must be filed prior to that date. The filing of this statement does not of itself authorize the use in this state of a Fictitious Business Name in violation of the rights of another under Federal, State, or common law (See section 14411 et seq. Business and Professions Code)Publish: Mountain Views News/JDC Dates Pub: JAN 01, 08, 15, 22, 2022

FICTITIOUS BUSINESS NAME STATEMENT FILE NO. 2021-265746 The following person(s) is (are) doing business as: CENTINARIO MEAT MARKET, 7625 CALIFORNIA AVE, HUNTINGTON PARK, CA 90255. Full name of registrant(s) is (are) LESLIE DOMINGUEZ, 7625 CALIFORNIA AVE, HUNTINGTON PARK, CA 90255. This Business is conducted by: AN INDIVIDUAL. Signed: LESLIE DOMINGUEZ/OWNER. This statement was filed with the County Clerk of Los Angeles County on 12/06/2021. The registrant(s) has (have) commenced to transact business under the fictitious business name or names listed above on N/A. NOTICE: This Fictitious Name Statement expires five years from the date it was filed in the office of the County Clerk. A new Fictitious Business Name Statement must be filed prior to that date. The filing of this statement does not of itself authorize the use in this state of a Fictitious Business Name in violation of the rights of another under Federal, State, or common law (See section 14411 et seq. Business and Professions Code)Publish: Mountain Views News/JDC Dates Pub: JAN 01, 08, 15, 22, 2022

FICTITIOUS BUSINESS NAME STATEMENT FILE NO. 2021-276587 The following person(s) is (are) doing business as: CHATO'S SERVICES, 24577 MARILYN ST, MORENO VALLEY, CA 92553. Full name of registrant(s) is (are) JOSE MARIA VELAZQUEZ GARCIA, 24577 MARILYN ST, MORENO VALLEY, CA 92553. This Business is conducted by: AN INDIVIDUAL. Signed: JOSE MARIA VELAZQUEZ GARCIA/OWNER. This statement was filed with the County Clerk of Los Angeles County on 12/23/2021. The registrant(s) has (have) commenced to transact business under the fictitious business name or names listed above on N/A. NOTICE: This Fictitious Name Statement expires five years from the date it was filed in the office of the County Clerk. A new Fictitious Business Name Statement must be filed prior to that date. The filing of this statement does not of itself authorize the use in this state of a Fictitious Business Name in violation of the rights of another under Federal, State, or common law (See section 14411 et seq. Business and Professions Code)Publish: Mountain Views News/JDC Dates Pub: JAN 01, 08, 15, 22, 2022

FICTITIOUS BUSINESS NAME STATEMENT FILE NO. 2021-276518 The following person(s) is (are) doing business as: DR PHONE PLAZA, 13000 PIONEER BLVD, NORWALK, CA 90650. Full name of registrant(s) is (are) MOSTAFA AHMED ABDELHAMID ZAWOOD, 14000 PIONEER BLVD, NORWALK, CA 90650. This Business is conducted by: AN INDIVIDUAL. Signed: MOSTAFA AHMED ABDELHAMID ZAWOOD/OWNER. This statement was filed with the County Clerk of Los Angeles County on 12/22/2021. The registrant(s) has (have) commenced to transact business under the fictitious business name or names listed above on N/A. NOTICE: This Fictitious Name Statement expires five years from the date it was filed in the office of the County Clerk. A new Fictitious Business Name Statement must be filed prior to that date. The filing of this statement does not of itself authorize the use in this state of a Fictitious Business Name in violation of the rights of another under Federal, State, or common law (See section 14411 et seq. Business and Professions Code)Publish: Mountain Views News/JDC Dates Pub: JAN 01, 08, 15, 22, 2022

FICTITIOUS BUSINESS NAME STATEMENT FILE NO. 2021-276547 The following person(s) is (are) doing business as: EDMUNDS FLOWER ARRANGEMENTS, 4610 HARCOURT AVE, LOS ANGELES, CA 90016. Full name of registrant(s) is (are) EDWIN VLADIMIR CALDERON, 4610 HARCOURT AVE, LOS ANGELES, CA 90016. This Business is conducted by: AN INDIVIDUAL. Signed: EDWIN VLADIMIR CALDERON/OWNER. This statement was filed with the County Clerk of Los Angeles County on 12/23/2021. The registrant(s) has (have) commenced to transact business under the fictitious business name or names listed above on N/A. NOTICE: This Fictitious Name Statement expires five years from the date it was filed in the office of the County Clerk. A new Fictitious Business Name Statement must be filed prior to that date. The filing of this statement does not of itself authorize the use in this state of a Fictitious Business Name in violation of the rights of another under Federal, State, or common law (See section 14411 et seq. Business and Professions Code)Publish: Mountain Views News/JDC Dates Pub: JAN 01, 08, 15, 22, 2022

FICTITIOUS BUSINESS NAME STATEMENT FILE NO. 2021-275688 The following person(s) is (are) doing business as: EVENT TREND SHOP, 720 WOODCREST AVE, LA HABRA, CA 90631. Full name of registrant(s) is (are) YASMIN NEREIDA MELENDEZ, 720 WOODCREST AVE, LA HABRA, CA 90631. This Business is conducted by: AN INDIVIDUAL. Signed: YASMIN NEREIDA MELENDEZ/OWNER. This statement was filed with the County Clerk of Los Angeles County on 12/21/2021. The registrant(s) has (have) commenced to transact business under the fictitious business name or names listed above on N/A. NOTICE: This Fictitious Name Statement expires five years from the date it was filed in the office of the County Clerk. A new Fictitious Business Name Statement must be filed prior to that date. The filing of this statement does not of itself authorize the use in this state of a Fictitious Business Name in violation of the rights of another under Federal, State, or common law (See section 14411 et seq. Business and Professions Code)Publish: Mountain Views News/JDC Dates Pub: JAN 01, 08, 15, 22, 2022

FICTITIOUS BUSINESS NAME STATEMENT FILE NO. 2021-276294 The following person(s) is (are) doing business as: JJ EXPRESSIONS AND PAINTING, 7853 REDFORD AVE, LOS ANGELES, CA 90047. Full name of registrant(s) is (are) JORGE ADRIAN PEDRASANTA, 7853 REDFORD AVE, LOS ANGELES, CA 90047. This Business is conducted by: AN INDIVIDUAL. Signed: JORGE ANDRES PEDRASANTA/OWNER. This statement was filed with the County Clerk of Los Angeles County on 12/14/2021. The registrant(s) has (have) commenced to transact business under the fictitious business name or names listed above on 11/2021. NOTICE: This Fictitious Name Statement expires five years from the date it was filed in the office of the County Clerk. A new Fictitious Business Name Statement must be filed prior to that date. The filing of this statement does not of itself authorize the use in this state of a Fictitious Business Name in violation of the rights of another under Federal, State, or common law (See section 14411 et seq. Business and Professions Code)Publish: Mountain Views News/JDC Dates Pub: JAN 01, 08, 15, 22, 2022

FICTITIOUS BUSINESS NAME STATEMENT FILE NO. 2021-269001 The following person(s) is (are) doing business as: FIX AUTO BEVERLY HILLS, 2640 LA CIENEGA AVE, LOS ANGELES, CA 90034. Full name of registrant(s) is (are) HIGH FIX AUTO BODY SHOP, INC., 2640 LA CIENEGA AVE, LOS ANGELES, CA 90034. This Business is conducted by: A CORPORATION. Signed: DAN MARQUEZ/CEO. This statement was filed with the County Clerk of Los Angeles County on 12/10/2021. The registrant(s) has (have) commenced to transact business under the fictitious business name or names listed above on N/A. NOTICE: This Fictitious Name Statement expires five years from the date it was filed in the office of the County Clerk. A new Fictitious Business Name Statement must be filed prior to that date. The filing of this statement does not of itself authorize the use in this state of a Fictitious Business Name in violation of the rights of another under Federal, State, or common law (See section 14411 et seq. Business and Professions Code)Publish: Mountain Views News/JDC Dates Pub: JAN 01, 08, 15, 22, 2022

FICTITIOUS BUSINESS NAME STATEMENT FILE NO. 2021-276583 The following person(s) is (are) doing business as: FAMILY TREE SHOP DOWNEY, 8300 STEWART AND GRAY RD, DOWNEY, CA 90241. Full name of registrant(s) is (are) MARCELA GUADARRAMA, 8300 STEWART AND GRAY RD, DOWNEY, CA 90241. This Business is conducted by: AN INDIVIDUAL. Signed: MARCELA GUADARRAMA/OWNER. This statement was filed with the County Clerk of Los Angeles County on 12/23/2021. The registrant(s) has (have) commenced to transact business under the fictitious business name or names listed above on 11/2021. NOTICE: This Fictitious Name Statement expires five years from the date it was filed in the office of the County Clerk. A new Fictitious Business Name Statement must be filed prior to that date. The filing of this statement does not of itself authorize the use in this state of a Fictitious Business Name in violation of the rights of another under Federal, State, or common law (See section 14411 et seq. Business and Professions Code)Publish: Mountain Views News/JDC Dates Pub: JAN 01, 08, 15, 22, 2022

FICTITIOUS BUSINESS NAME STATEMENT FILE NO. 2021-276585 The following person(s) is (are) doing business as: GLORY VENTURES, 10780 TELECHRON AVE B, WHITTIER, CA 90605. Mailing address: P O BOX 1762, LA MIRADA, CA 90637. Full name of registrant(s) is (are) SHAUN ENOCH GANISON, 10780 TELECHRON AVE B, WHITTIER, CA 90605. This Business is conducted by: AN INDIVIDUAL. Signed: SHAUN ENOCH GANISON/OWNER. This statement was filed with the County Clerk of Los Angeles County on 12/22/2021. The registrant(s) has (have) commenced to transact business under the fictitious business name or names listed above on N/A. NOTICE: This Fictitious Name Statement expires five years from the date it was filed in the office of the County Clerk. A new Fictitious Business Name Statement must be filed prior to that date. The filing of this statement does not of itself authorize the use in this state of a Fictitious Business Name in violation of the rights of another under Federal, State, or common law (See section 14411 et seq. Business and Professions Code)Publish: Mountain Views News/JDC Dates Pub: JAN 01, 08, 15, 22, 2022

FICTITIOUS BUSINESS NAME STATEMENT FILE NO. 2021-275814 The following person(s) is (are) doing business as: HARRIS FREIGHT, 111 W 7TH ST STE 614, LOS ANGELES, CA 90014. Full name of registrant(s) is (are) TOMMARIA HARRIS, 111 W 7TH ST STE 614, LOS ANGELES, CA 90014. This Business is conducted by: AN INDIVIDUAL. Signed: TOMMARIA HARRIS/OWNER. This statement was filed with the County Clerk of Los Angeles County on 12/17/2021. The registrant(s) has (have) commenced to transact business under the fictitious business name or names listed above on 12/2021. NOTICE: This Fictitious Name Statement expires five years from the date it was filed in the office of the County Clerk. A new Fictitious Business Name Statement must be filed prior to that date. The filing of this statement does not of itself authorize the use in this state of a Fictitious Business Name in violation of the rights of another under Federal, State, or common law (See section 14411 et seq. Business and Professions Code)Publish: Mountain Views News/JDC Dates Pub: JAN 01, 08, 15, 22, 2022

FICTITIOUS BUSINESS NAME STATEMENT FILE NO. 2021-276470 The following person(s) is (are) doing business as: HEAVENLY FARMS, HEAVEN FARMS, 4271 PENDLETON AVE APT G, LYNWOOD, CA 90262. Full name of registrant(s) is (are) PERLA YAZMIN RAMIREZ RAMIREZ, 4271 PENDLETON AVE APT G, LYNWOOD, CA 90262. This Business is conducted by: AN INDIVIDUAL. Signed: PERLA YAZMIN RAMIREZ RAMIREZ/OWNER. This statement was filed with the County Clerk of Los Angeles County on 12/22/2021. The registrant(s) has (have) commenced to transact business under the fictitious business name or names listed above on N/A. NOTICE: This Fictitious Name Statement expires five years from the date it was filed in the office of the County Clerk. A new Fictitious Business Name Statement must be filed prior to that date. The filing of this statement does not of itself authorize the use in this state of a Fictitious Business Name in violation of the rights of another under Federal, State, or common law (See section 14411 et seq. Business and Professions Code)Publish: Mountain Views News/JDC Dates Pub: JAN 01, 08, 15, 22, 2022

FICTITIOUS BUSINESS NAME STATEMENT FILE NO. 2021-275489 The following person(s) is (are) doing business as: HARD STONE KITCHEN AND BATHROOM, 13756 CARPINTERO AVE, BELLFLOWER, CA 90706. Full name of registrant(s) is (are) AVENDO GONZALEZ JR, 13756 CARPINTERO AVE, BELLFLOWER, CA 90706. This Business is conducted by: AN INDIVIDUAL. Signed: AVENDO GONZALEZ JR/OWNER. This statement was filed with the County Clerk of Los Angeles County on 12/21/2021. The registrant(s) has (have) commenced to transact business under the fictitious business name or names listed above on 12/2021. NOTICE: This Fictitious Name Statement expires five years from the date it was filed in the office of the County Clerk. A new Fictitious Business Name Statement must be filed prior to that date. The filing of this statement does not of itself authorize the use in this state of a Fictitious Business Name in violation of the rights of another under Federal, State, or common law (See section 14411 et seq. Business and Professions Code)Publish: Mountain Views News/JDC Dates Pub: JAN 01, 08, 15, 22, 2022

FICTITIOUS BUSINESS NAME STATEMENT FILE NO. 2021-276355 The following person(s) is (are) doing business as: J.B. GARDENING SERVICES, 1501 S TURNBULL CANYON RD, HACIENDA HEIGHTS, CA 91745. Full name of registrant(s) is (are) JESUS BARBOSA, 1501 S TURNBULL CANYON RD, HACIENDA HEIGHTS, CA 91745. This Business is conducted by: AN INDIVIDUAL. Signed: JESUS BARBOSA/OWNER. This statement was filed with the County Clerk of Los Angeles County on 12/22/2021. The registrant(s) has (have) commenced to transact business under the fictitious business name or names listed above on N/A. NOTICE: This Fictitious Name Statement expires five years from the date it was filed in the office of the County Clerk. A new Fictitious Business Name Statement must be filed prior to that date. The filing of this statement does not of itself authorize the use in this state of a Fictitious Business Name in violation of the rights of another under Federal, State, or common law (See section 14411 et seq. Business and Professions Code)Publish: Mountain Views News/JDC Dates Pub: JAN 01, 08, 15, 22, 2022

FICTITIOUS BUSINESS NAME STATEMENT FILE NO. 2021-281112 The following person(s) is (are) doing business as: JADA SYSTEMS, INC, 1100 N RAYMOND AVE SUITE 306, PASADENA, CA 91103. Full name of registrant(s) is (are) JADA SYSTEMS, INC, 1100 N RAYMOND AVE SUITE 306, PASADENA, CA 91103. This Business is conducted by: A CORPORATION. Signed: KATHY TRAN/PRESIDENT. This statement was filed with the County Clerk of Los Angeles County on 12/30/2021. The registrant(s) has (have) commenced to transact business under the fictitious business name or names listed above on 07/2000. NOTICE: This Fictitious Name Statement expires five years from the date it was filed in the office of the County Clerk. A new Fictitious Business Name Statement must be filed prior to that date. The filing of this statement does not of itself authorize the use in this state of a Fictitious Business Name in violation of the rights of another under Federal, State, or common law (See section 14411 et seq. Business and Professions Code)Publish: Mountain Views News/JDC Dates Pub: DEC 25, 2021, JAN 01, 08, 15, 2022

FICTITIOUS BUSINESS NAME STATEMENT FILE NO. 2021-276495 The following person(s) is (are) doing business as: LA LIGHTING SERVICES, 14337 ALEZIA LANE, LA MIRADA, CA 90638. Full name of registrant(s) is (are) ANGELES LIGHTING AND ELECTRICAL INC., 14337 ALEZIA DR, LA MIRADA, CA 90638. This Business is conducted by: A CORPORATION. Signed: ERNESTO HERNANDEZ/PRESIDENT. This statement was filed with the County Clerk of Los Angeles County on 12/22/2021. The registrant(s) has (have) commenced to transact business under the fictitious business name or names listed above on N/A. NOTICE: This Fictitious Name Statement expires five years from the date it was filed in the office of the County Clerk. A new Fictitious Business Name Statement must be filed prior to that date. The filing of this statement does not of itself authorize the use in this state of a Fictitious Business Name in violation of the rights of another under Federal, State, or common law (See section 14411 et seq. Business and Professions Code)Publish: Mountain Views News/JDC Dates Pub: JAN 01, 08, 15, 22, 2022

FICTITIOUS BUSINESS NAME STATEMENT FILE NO. 2021-280082 The following person(s) is (are) doing business as: M&M FINISHING, 2345 E 38TH ST, VERNON, CA 90058. Full name of registrant(s) is (are) MIGUEL MIRANDA MILAN, 2345 E 38TH ST, VERNON, CA 90058. This Business is conducted by: AN INDIVIDUAL. Signed: MIGUEL MIRANDA MILAN/OWNER. This statement was filed with the County Clerk of Los Angeles County on 12/29/2021. The registrant(s) has (have) commenced to transact business under the fictitious business name or names listed above on 12/2021. NOTICE: This Fictitious Name Statement expires five years from the date it was filed in the office of the County Clerk. A new Fictitious Business Name Statement must be filed prior to that date. The filing of this statement does not of itself authorize the use in this state of a Fictitious Business Name in violation of the rights of another under Federal, State, or common law (See section 14411 et seq. Business and Professions Code)Publish: Mountain Views News/JDC Dates Pub: DEC 25, 2021, JAN 01, 08, 15, 2022

FICTITIOUS BUSINESS NAME STATEMENT FILE NO. 2021-266700 The following person(s) is (are) doing business as: MALIBU MEDICAL ACUPUNCTURE, 50 N GARFIELD AVE #210, ALHAMBRA, CA 91801. Full name of registrant(s) is (are) ALICE HUANG, 50 N GARFIELD AVE #210, ALHAMBRA, CA 91801. This Business is conducted by: AN INDIVIDUAL. Signed: ALICE HUANG/OWNER. This statement was filed with the County Clerk of Los Angeles County on 12/08/2021. The registrant(s) has (have) commenced to transact business under the fictitious business name or names listed above on N/A. NOTICE: This Fictitious Name Statement expires five years from the date it was filed in the office of the County Clerk. A new Fictitious Business Name Statement must be filed prior to that date. The filing of this statement does not of itself authorize the use in this state of a Fictitious Business Name in violation of the rights of another under Federal, State, or common law (See section 14411 et seq. Business and Professions Code)Publish: Mountain Views News/JDC Dates Pub: JAN 01, 08, 15, 22, 2022

FICTITIOUS BUSINESS NAME STATEMENT FILE NO. 2021-276348 The following person(s) is (are) doing business as: MARIA RAMIREZ CHILD CARE, 9412 RENCHEAD DR, PICO RIVERA, CA 90660. Full name of registrant(s) is (are) NANDO'S ENTERPRISES INC, 6902 TIBURON DR, PICO RIVERA, CA 90660. This Business is conducted by: A CORPORATION. Signed: MARIA RAMIREZ/CEO. This statement was filed with the County Clerk of Los Angeles County on 12/22/2021. The registrant(s) has (have) commenced to transact business under the fictitious business name or names listed above on N/A. NOTICE: This Fictitious Name Statement expires five years from the date it was filed in the office of the County Clerk. A new Fictitious Business Name Statement must be filed prior to that date. The filing of this statement does not of itself authorize the use in this state of a Fictitious Business Name in violation of the rights of another under Federal, State, or common law (See section 14411 et seq. Business and Professions Code)Publish: Mountain Views News/JDC Dates Pub: JAN 01, 08, 15, 22, 2022

Mountain Views News 80 W Sierra Madre Blvd. No. 327 Sierra Madre, Ca. 91024 Office: 626.355.2737 Fax: 626.609.3285 Email: editor@mtnviewsnews.com Website: www.mtnviewsnews.com
